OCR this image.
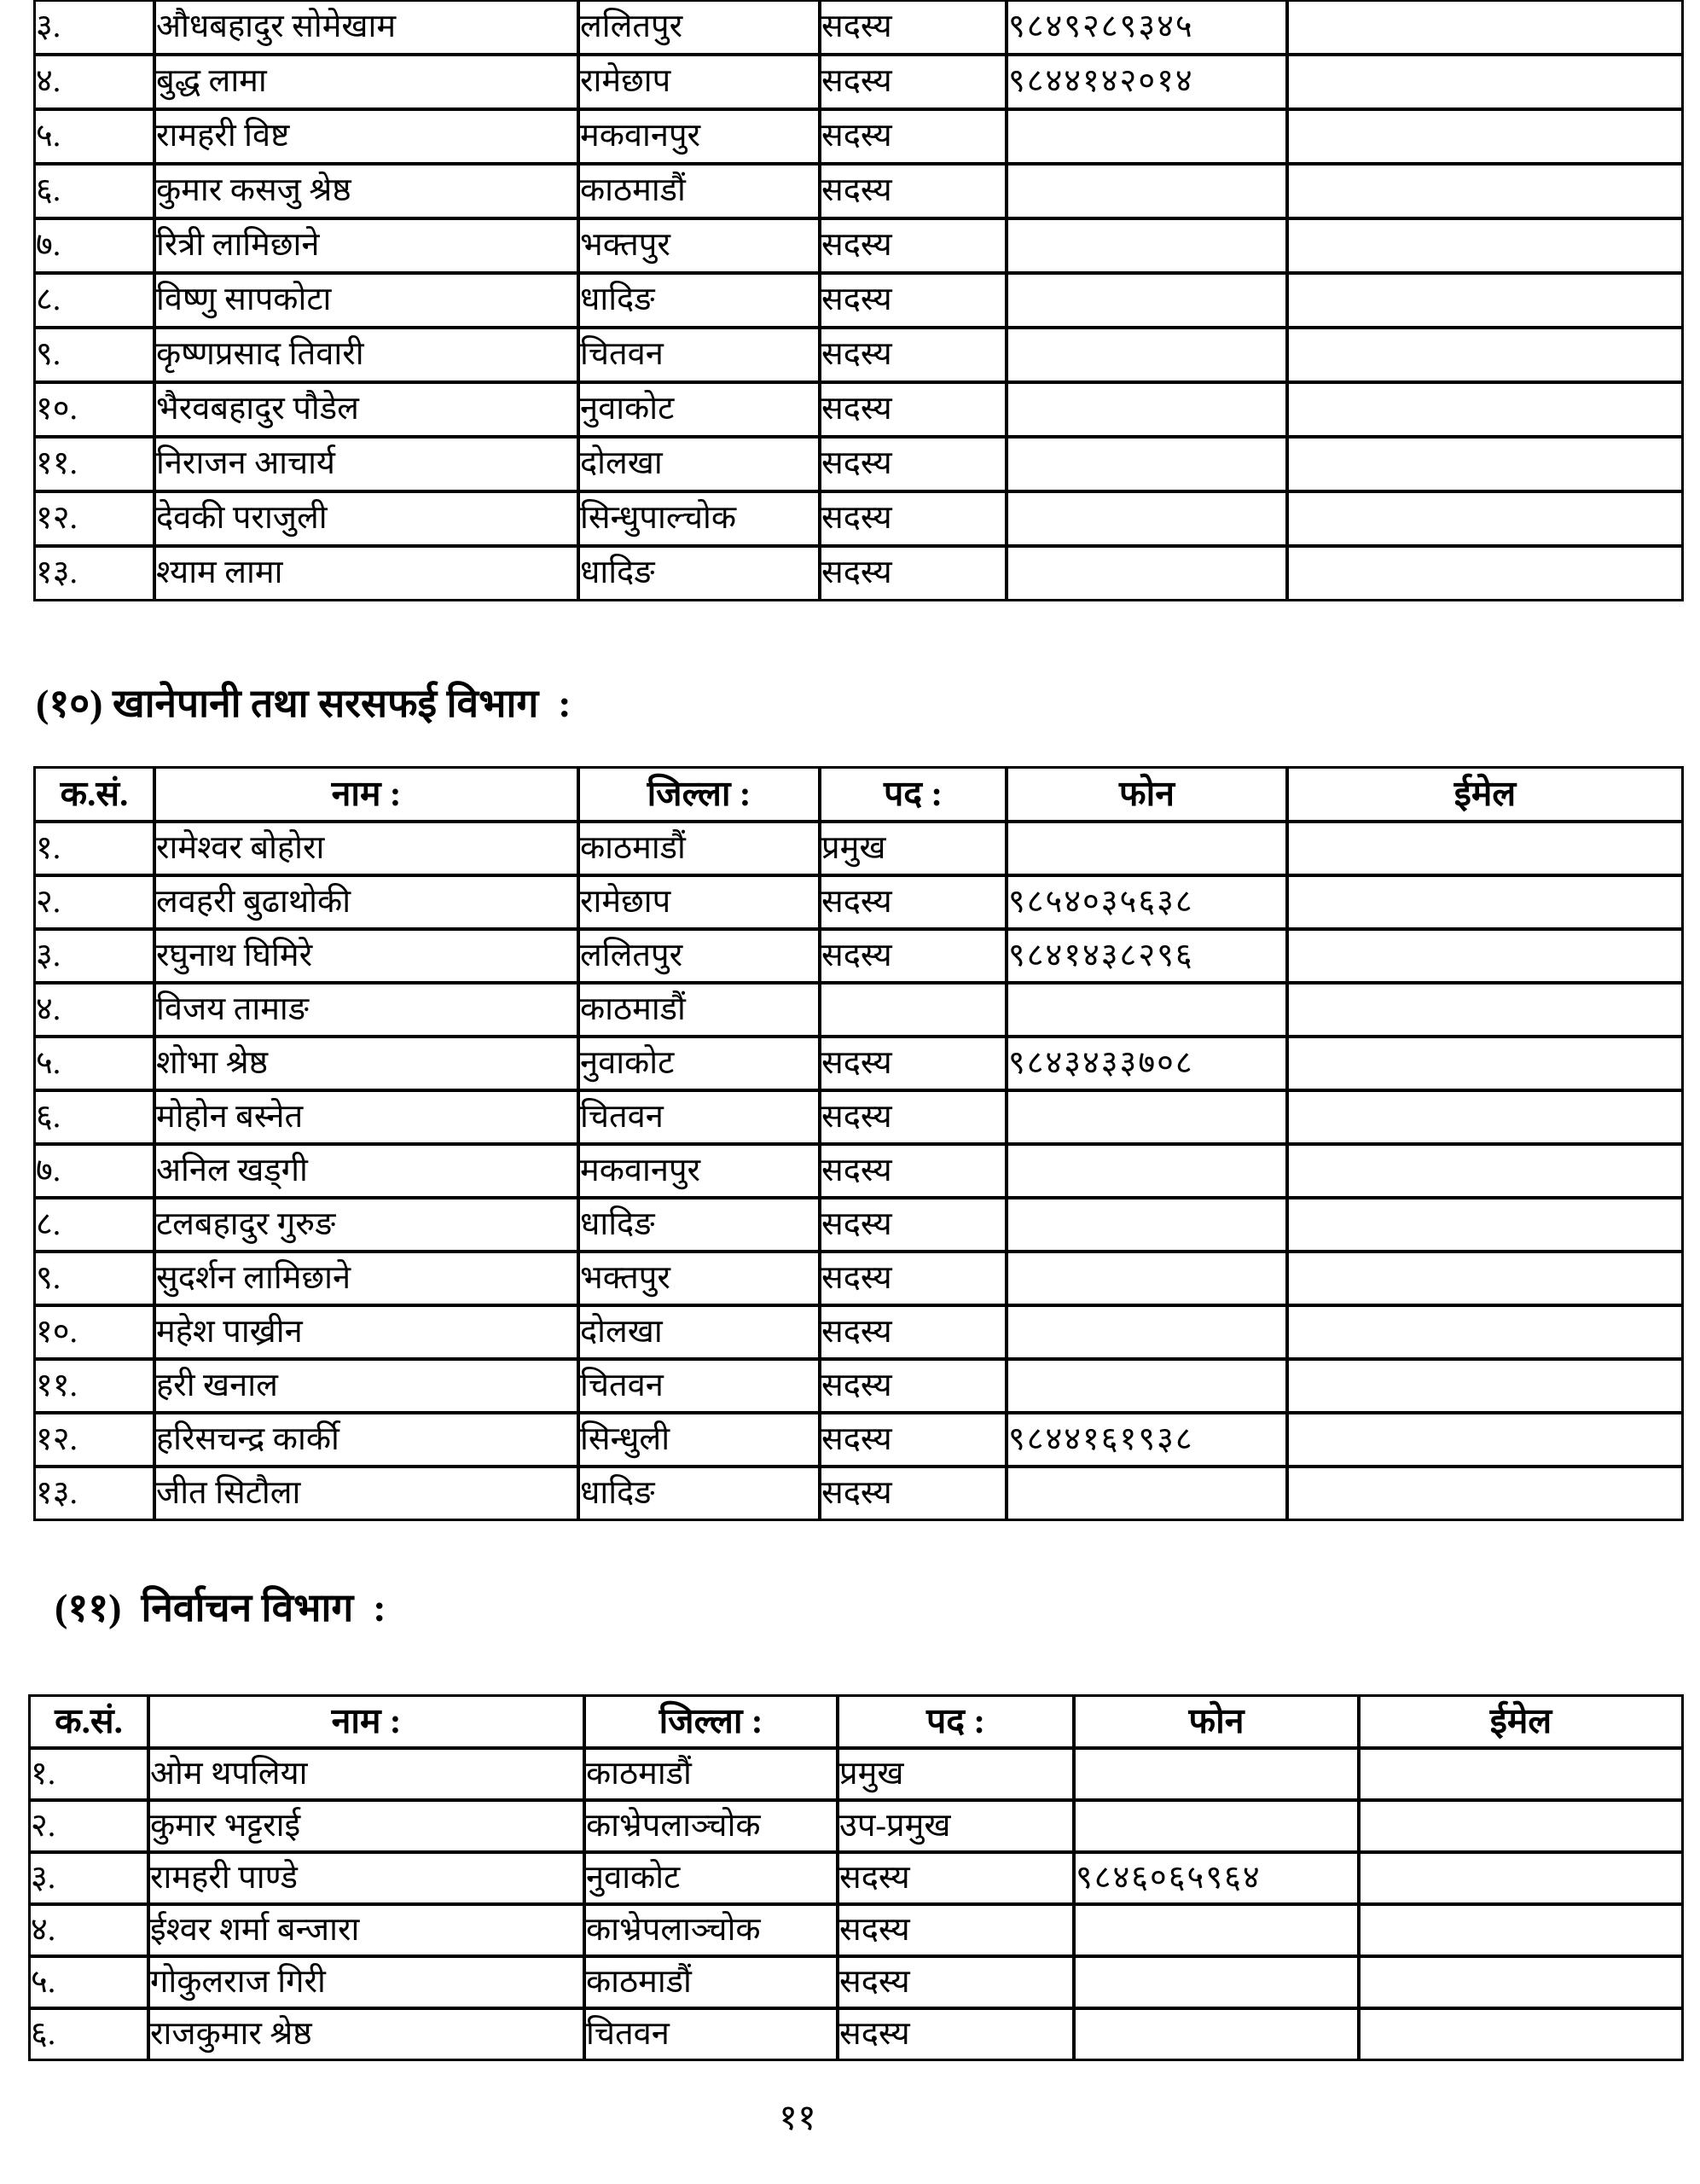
३.	औधबहादुर सोमेखाम	ललितपुर	सदस्य	९८४९२८९३४५	
४.	बुद्ध लामा	रामेछाप	सदस्य	९८४४१४२०१४	
५.	रामहरी विष्ट	मकवानपुर	सदस्य		
६.	कुमार कसजु श्रेष्ठ	काठमाडौं	सदस्य		
७.	रित्री लामिछाने	भक्तपुर	सदस्य		
८.	विष्णु सापकोटा	धादिङ	सदस्य		
९.	कृष्णप्रसाद तिवारी	चितवन	सदस्य		
१०.	भैरवबहादुर पौडेल	नुवाकोट	सदस्य		
११.	निराजन आचार्य	दोलखा	सदस्य		
१२.	देवकी पराजुली	सिन्धुपाल्चोक	सदस्य		
१३.	श्याम लामा	धादिङ	सदस्य		
(१०) खानेपानी तथा सरसफई विभाग  :
क.सं.	नाम :	जिल्ला :	पद :	फोन	ईमेल
१.	रामेश्वर बोहोरा	काठमाडौं	प्रमुख		
२.	लवहरी बुढाथोकी	रामेछाप	सदस्य	९८५४०३५६३८	
३.	रघुनाथ घिमिरे	ललितपुर	सदस्य	९८४१४३८२९६	
४.	विजय तामाङ	काठमाडौं			
५.	शोभा श्रेष्ठ	नुवाकोट	सदस्य	९८४३४३३७०८	
६.	मोहोन बस्नेत	चितवन	सदस्य		
७.	अनिल खड्गी	मकवानपुर	सदस्य		
८.	टलबहादुर गुरुङ	धादिङ	सदस्य		
९.	सुदर्शन लामिछाने	भक्तपुर	सदस्य		
१०.	महेश पाख्रीन	दोलखा	सदस्य		
११.	हरी खनाल	चितवन	सदस्य		
१२.	हरिसचन्द्र कार्की	सिन्धुली	सदस्य	९८४४१६१९३८	
१३.	जीत सिटौला	धादिङ	सदस्य		
(११)  निर्वाचन विभाग  :
क.सं.	नाम :	जिल्ला :	पद :	फोन	ईमेल
१.	ओम थपलिया	काठमाडौं	प्रमुख		
२.	कुमार भट्टराई	काभ्रेपलाञ्चोक	उप-प्रमुख		
३.	रामहरी पाण्डे	नुवाकोट	सदस्य	९८४६०६५९६४	
४.	ईश्वर शर्मा बन्जारा	काभ्रेपलाञ्चोक	सदस्य		
५.	गोकुलराज गिरी	काठमाडौं	सदस्य		
६.	राजकुमार श्रेष्ठ	चितवन	सदस्य		
११
